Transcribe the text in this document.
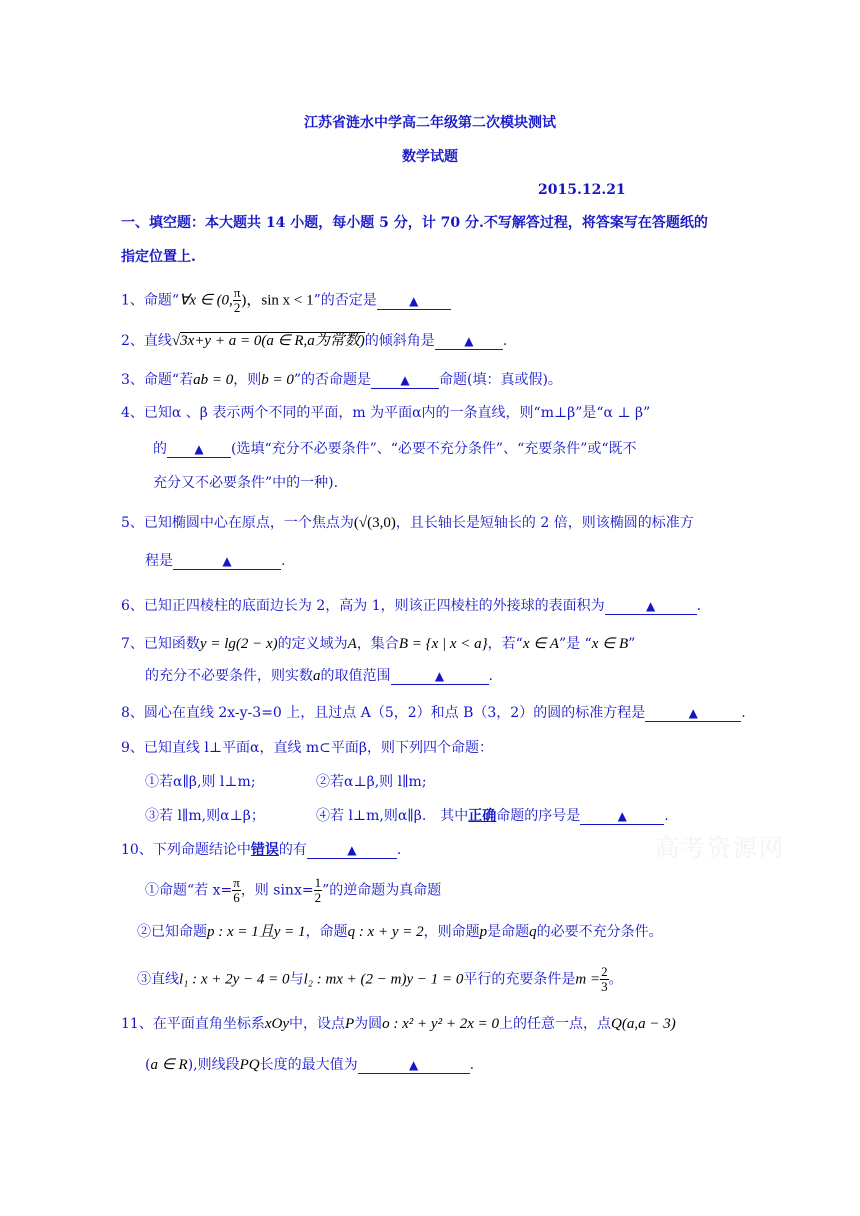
江苏省涟水中学高二年级第二次模块测试
数学试题
2015.12.21
一、填空题：本大题共 14 小题，每小题 5 分，计 70 分.不写解答过程，将答案写在答题纸的
指定位置上.
1、命题“∀x ∈ (0, $\frac{\pi}{2}$ )，sin x < 1”的否定是	▲
2、直线√3x+y + a = 0(a ∈ R,a为常数)的倾斜角是 ▲ .
3、命题“若ab = 0，则b = 0”的否命题是 ▲ 命题(填：真或假)。
4、已知α 、β 表示两个不同的平面，m 为平面α内的一条直线，则“m⊥β”是“α ⊥ β”
的 ▲ (选填“充分不必要条件”、“必要不充分条件”、“充要条件”或“既不
充分又不必要条件”中的一种).
5、已知椭圆中心在原点，一个焦点为(√(3,0)，且长轴长是短轴长的 2 倍，则该椭圆的标准方
程是	▲	.
6、已知正四棱柱的底面边长为 2，高为 1，则该正四棱柱的外接球的表面积为	▲	.
7、已知函数y = lg(2 − x)的定义域为A，集合B = {x | x < a}，若“x ∈ A”是 “x ∈ B”
的充分不必要条件，则实数a的取值范围	▲	.
8、圆心在直线 2x-y-3=0 上，且过点 A（5，2）和点 B（3，2）的圆的标准方程是	▲	.
9、已知直线 l⊥平面α，直线 m⊂平面β，则下列四个命题：
①若α∥β,则 l⊥m;	②若α⊥β,则 l∥m;
③若 l∥m,则α⊥β；	④若 l⊥m,则α∥β. 其中正确命题的序号是	▲	.
高考资源网
10、下列命题结论中错误的有	▲	.
①命题“若 $x= \frac{\pi}{6}$ ，则 $\sin x= \frac{1}{2}$ ”的逆命题为真命题
②已知命题p : x = 1且y = 1，命题q : x + y = 2，则命题p是命题q的必要不充分条件。
③直线l₁ : x + 2y − 4 = 0与l₂ : mx + (2 − m)y − 1 = 0平行的充要条件是$m = \frac{2}{3}$ 。
11、在平面直角坐标系xOy中，设点P为圆o : x² + y² + 2x = 0上的任意一点，点Q(a,a − 3)
(a ∈ R),则线段PQ长度的最大值为	▲	.
